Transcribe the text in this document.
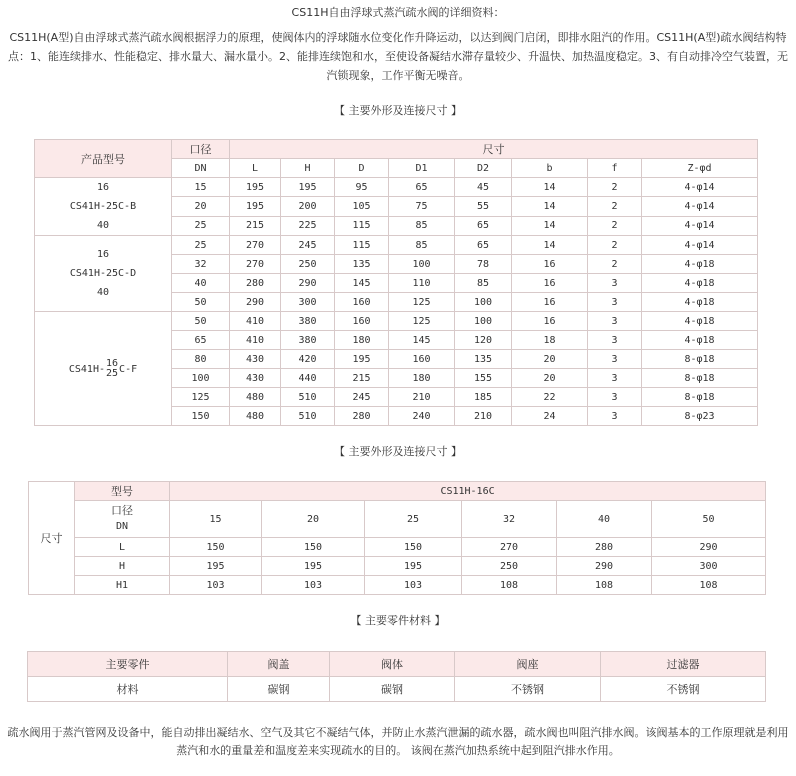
CS11H自由浮球式蒸汽疏水阀的详细资料：
CS11H(A型)自由浮球式蒸汽疏水阀根据浮力的原理，使阀体内的浮球随水位变化作升降运动，以达到阀门启闭，即排水阻汽的作用。CS11H(A型)疏水阀结构特点：1、能连续排水、性能稳定、排水量大、漏水量小。2、能排连续饱和水，至使设备凝结水滞存量较少、升温快、加热温度稳定。3、有自动排冷空气装置，无汽锁现象，工作平衡无噪音。
【 主要外形及连接尺寸 】
产品型号	口径	尺寸							
	DN	L	H	D	D1	D2	b	f	Z-φd

16
CS41H-25C-B
40	15	195	195	95	65	45	14	2	4-φ14
	20	195	200	105	75	55	14	2	4-φ14
	25	215	225	115	85	65	14	2	4-φ14

16
CS41H-25C-D
40	25	270	245	115	85	65	14	2	4-φ14
	32	270	250	135	100	78	16	2	4-φ18
	40	280	290	145	110	85	16	3	4-φ18
	50	290	300	160	125	100	16	3	4-φ18
CS41H-
16
25 C-F	50	410	380	160	125	100	16	3	4-φ18
	65	410	380	180	145	120	18	3	4-φ18
	80	430	420	195	160	135	20	3	8-φ18
	100	430	440	215	180	155	20	3	8-φ18
	125	480	510	245	210	185	22	3	8-φ18
	150	480	510	280	240	210	24	3	8-φ23
【 主要外形及连接尺寸 】
尺寸	型号	CS11H-16C					

	口径
DN	15	20	25	32	40	50
	L	150	150	150	270	280	290
	H	195	195	195	250	290	300
	H1	103	103	103	108	108	108
【 主要零件材料 】
主要零件	阀盖	阀体	阀座	过滤器
材料	碳钢	碳钢	不锈钢	不锈钢
疏水阀用于蒸汽管网及设备中，能自动排出凝结水、空气及其它不凝结气体，并防止水蒸汽泄漏的疏水器，疏水阀也叫阻汽排水阀。该阀基本的工作原理就是利用蒸汽和水的重量差和温度差来实现疏水的目的。 该阀在蒸汽加热系统中起到阻汽排水作用。
